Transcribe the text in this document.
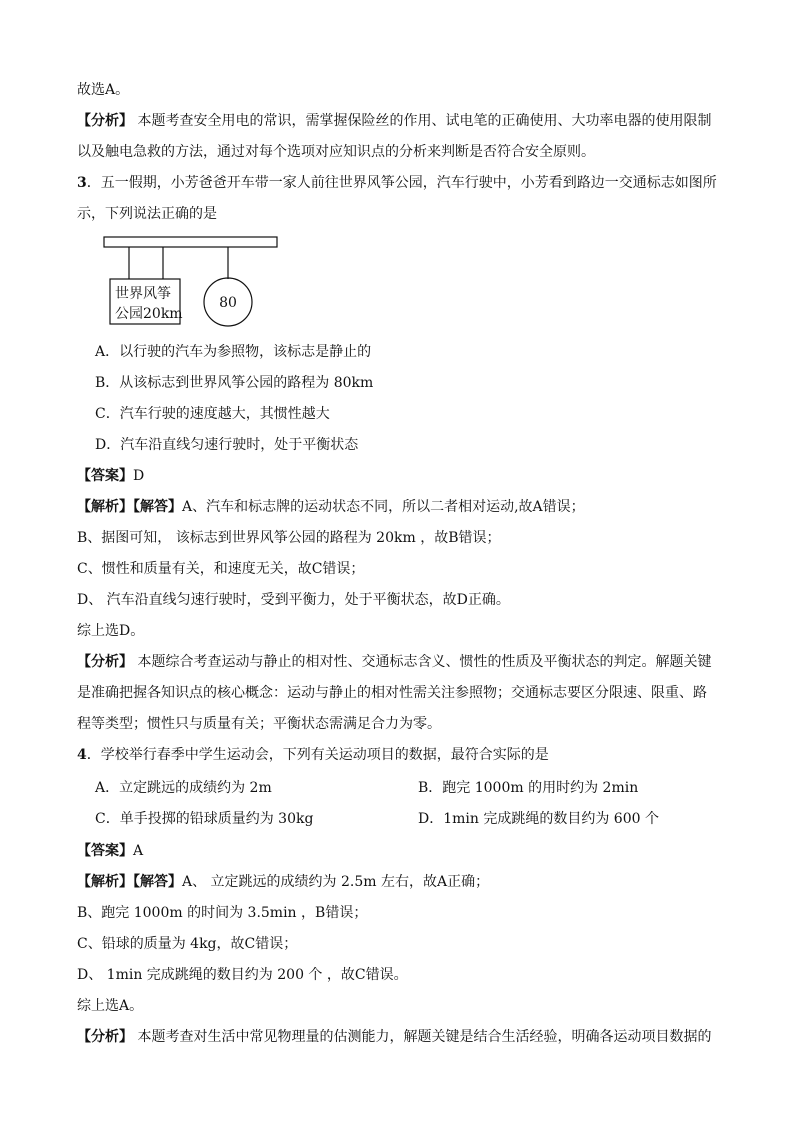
故选A。
【分析】 本题考查安全用电的常识，需掌握保险丝的作用、试电笔的正确使用、大功率电器的使用限制
以及触电急救的方法，通过对每个选项对应知识点的分析来判断是否符合安全原则。
3．五一假期，小芳爸爸开车带一家人前往世界风筝公园，汽车行驶中，小芳看到路边一交通标志如图所
示，下列说法正确的是
世界风筝
公园20km
80
A．以行驶的汽车为参照物，该标志是静止的
B．从该标志到世界风筝公园的路程为 80km
C．汽车行驶的速度越大，其惯性越大
D．汽车沿直线匀速行驶时，处于平衡状态
【答案】D
【解析】【解答】A、汽车和标志牌的运动状态不同，所以二者相对运动,故A错误；
B、据图可知， 该标志到世界风筝公园的路程为 20km ，故B错误；
C、惯性和质量有关，和速度无关，故C错误；
D、 汽车沿直线匀速行驶时，受到平衡力，处于平衡状态，故D正确。
综上选D。
【分析】 本题综合考查运动与静止的相对性、交通标志含义、惯性的性质及平衡状态的判定。解题关键
是准确把握各知识点的核心概念：运动与静止的相对性需关注参照物；交通标志要区分限速、限重、路
程等类型；惯性只与质量有关；平衡状态需满足合力为零。
4．学校举行春季中学生运动会，下列有关运动项目的数据，最符合实际的是
A．立定跳远的成绩约为 2m	B．跑完 1000m 的用时约为 2min
C．单手投掷的铅球质量约为 30kg	D．1min 完成跳绳的数目约为 600 个
【答案】A
【解析】【解答】A、 立定跳远的成绩约为 2.5m 左右，故A正确；
B、跑完 1000m 的时间为 3.5min ，B错误；
C、铅球的质量为 4kg，故C错误；
D、 1min 完成跳绳的数目约为 200 个 ，故C错误。
综上选A。
【分析】 本题考查对生活中常见物理量的估测能力，解题关键是结合生活经验，明确各运动项目数据的
